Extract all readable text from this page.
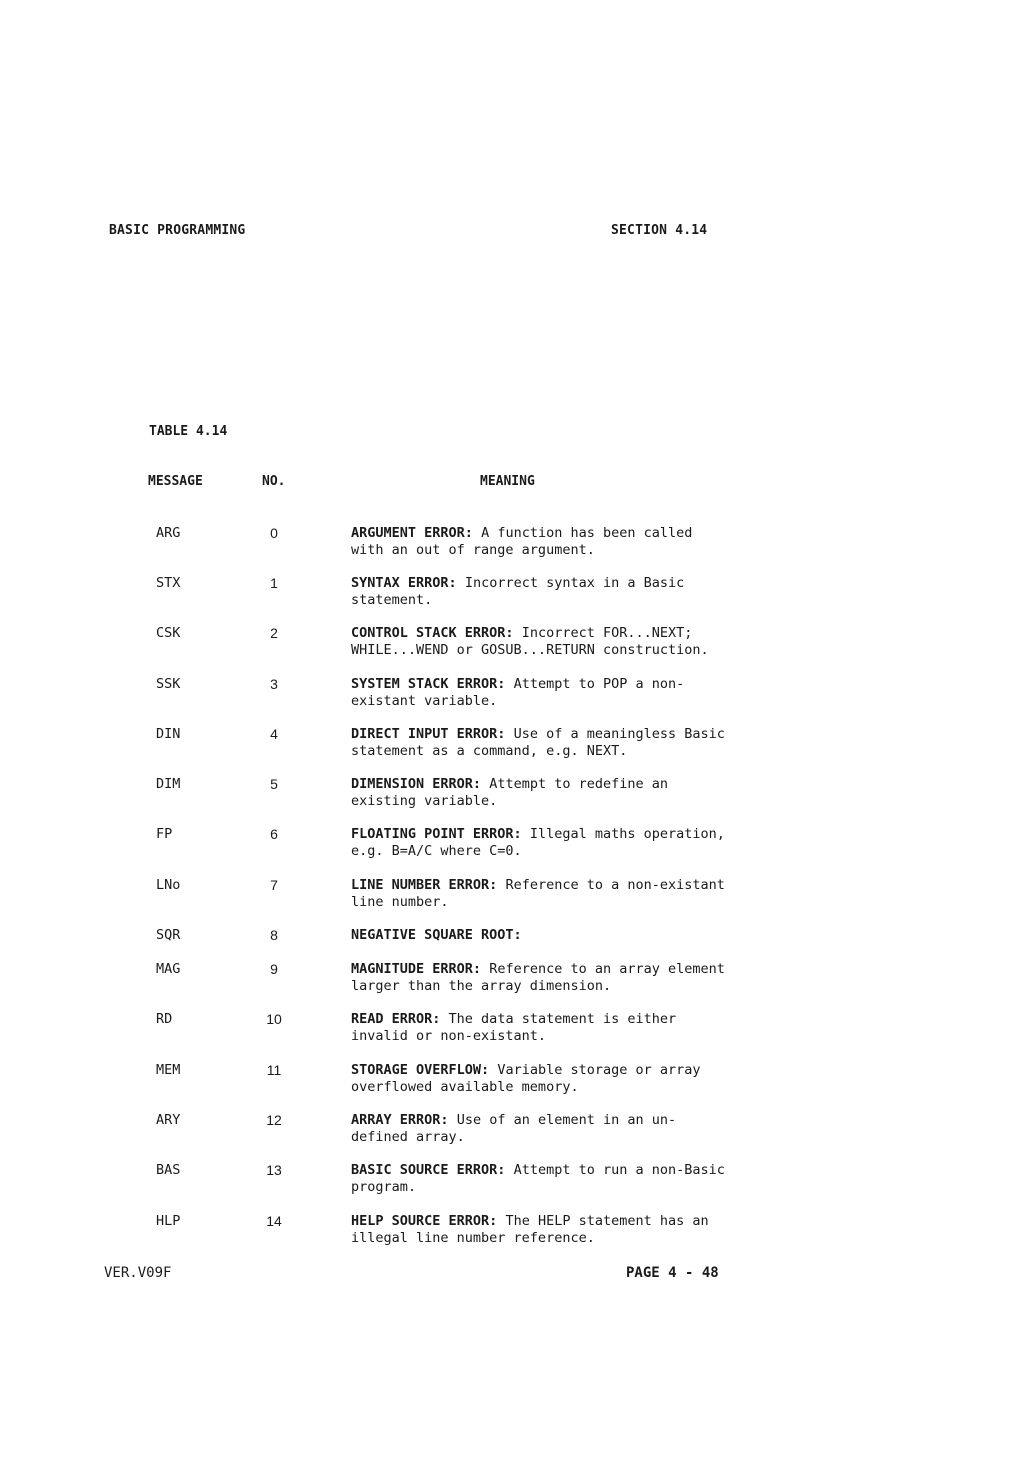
BASIC PROGRAMMING	SECTION 4.14
TABLE 4.14
MESSAGE	NO.	MEANING
ARG	0	ARGUMENT ERROR: A function has been called with an out of range argument.
STX	1	SYNTAX ERROR: Incorrect syntax in a Basic statement.
CSK	2	CONTROL STACK ERROR: Incorrect FOR...NEXT; WHILE...WEND or GOSUB...RETURN construction.
SSK	3	SYSTEM STACK ERROR: Attempt to POP a non-existant variable.
DIN	4	DIRECT INPUT ERROR: Use of a meaningless Basic statement as a command, e.g. NEXT.
DIM	5	DIMENSION ERROR: Attempt to redefine an existing variable.
FP	6	FLOATING POINT ERROR: Illegal maths operation, e.g. B=A/C where C=0.
LNo	7	LINE NUMBER ERROR: Reference to a non-existant line number.
SQR	8	NEGATIVE SQUARE ROOT:
MAG	9	MAGNITUDE ERROR: Reference to an array element larger than the array dimension.
RD	10	READ ERROR: The data statement is either invalid or non-existant.
MEM	11	STORAGE OVERFLOW: Variable storage or array overflowed available memory.
ARY	12	ARRAY ERROR: Use of an element in an un-defined array.
BAS	13	BASIC SOURCE ERROR: Attempt to run a non-Basic program.
HLP	14	HELP SOURCE ERROR: The HELP statement has an illegal line number reference.
VER.V09F	PAGE 4 - 48
